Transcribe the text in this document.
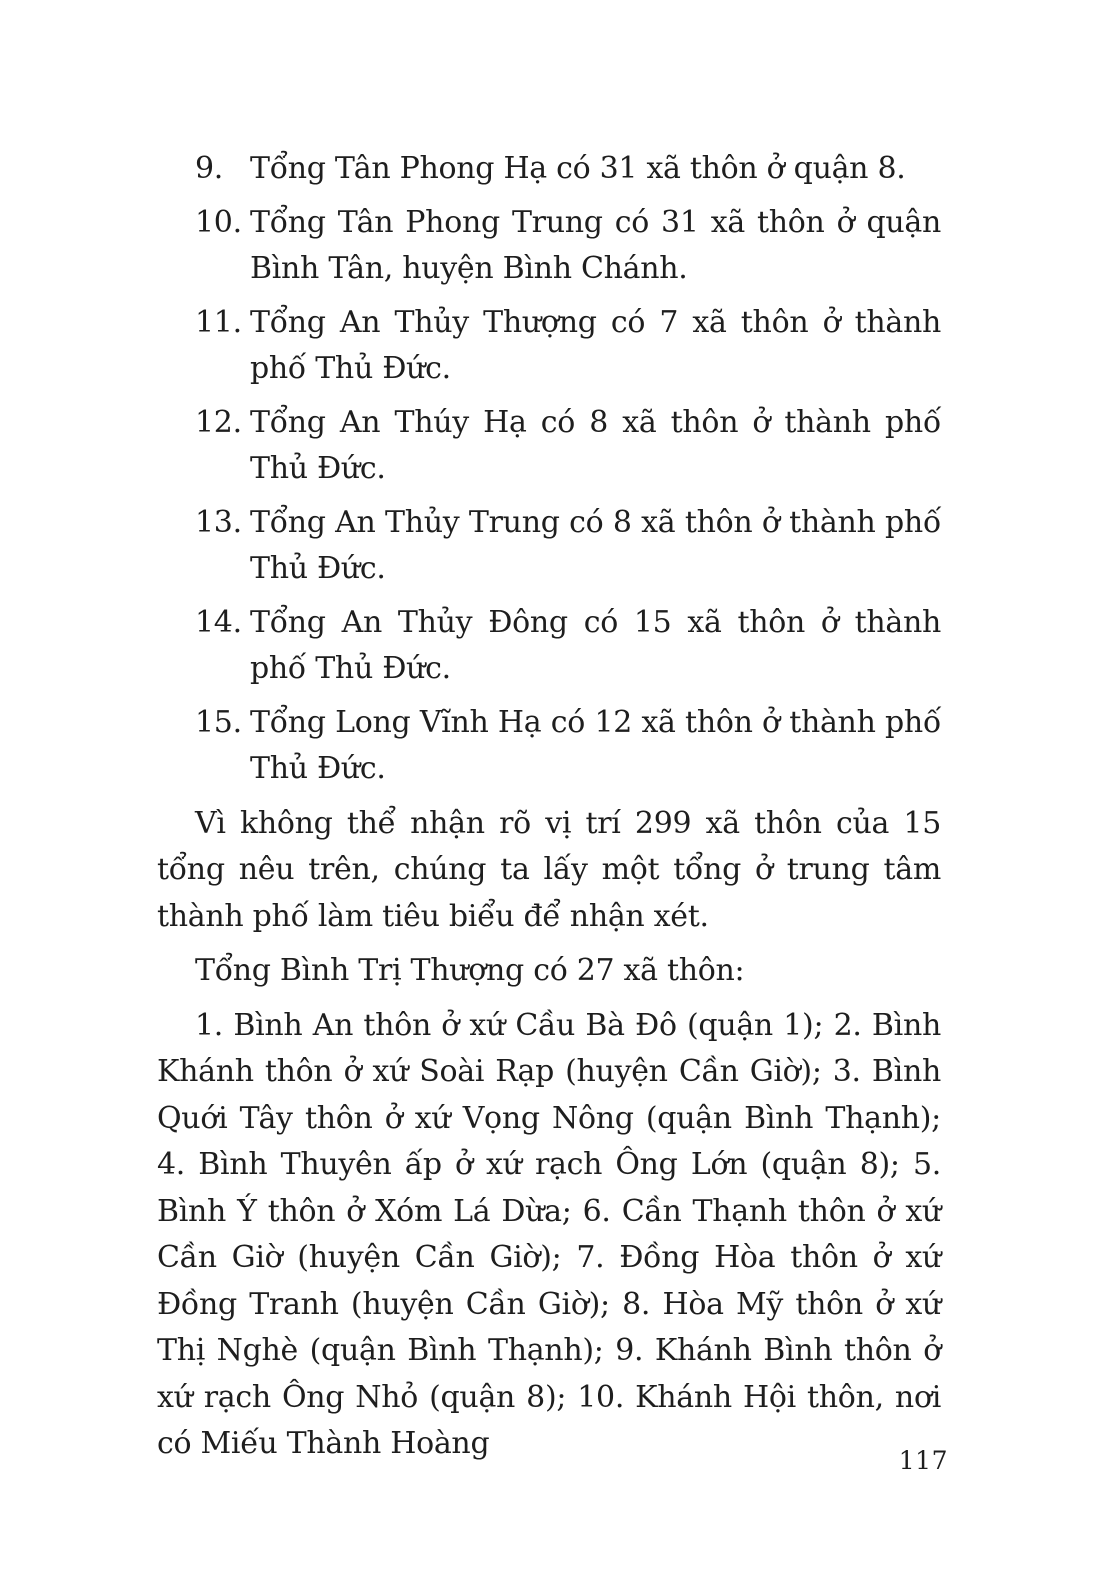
9. Tổng Tân Phong Hạ có 31 xã thôn ở quận 8.
10. Tổng Tân Phong Trung có 31 xã thôn ở quận Bình Tân, huyện Bình Chánh.
11. Tổng An Thủy Thượng có 7 xã thôn ở thành phố Thủ Đức.
12. Tổng An Thúy Hạ có 8 xã thôn ở thành phố Thủ Đức.
13. Tổng An Thủy Trung có 8 xã thôn ở thành phố Thủ Đức.
14. Tổng An Thủy Đông có 15 xã thôn ở thành phố Thủ Đức.
15. Tổng Long Vĩnh Hạ có 12 xã thôn ở thành phố Thủ Đức.

Vì không thể nhận rõ vị trí 299 xã thôn của 15 tổng nêu trên, chúng ta lấy một tổng ở trung tâm thành phố làm tiêu biểu để nhận xét.

Tổng Bình Trị Thượng có 27 xã thôn:

1. Bình An thôn ở xứ Cầu Bà Đô (quận 1); 2. Bình Khánh thôn ở xứ Soài Rạp (huyện Cần Giờ); 3. Bình Quới Tây thôn ở xứ Vọng Nông (quận Bình Thạnh); 4. Bình Thuyên ấp ở xứ rạch Ông Lớn (quận 8); 5. Bình Ý thôn ở Xóm Lá Dừa; 6. Cần Thạnh thôn ở xứ Cần Giờ (huyện Cần Giờ); 7. Đồng Hòa thôn ở xứ Đồng Tranh (huyện Cần Giờ); 8. Hòa Mỹ thôn ở xứ Thị Nghè (quận Bình Thạnh); 9. Khánh Bình thôn ở xứ rạch Ông Nhỏ (quận 8); 10. Khánh Hội thôn, nơi có Miếu Thành Hoàng	117
